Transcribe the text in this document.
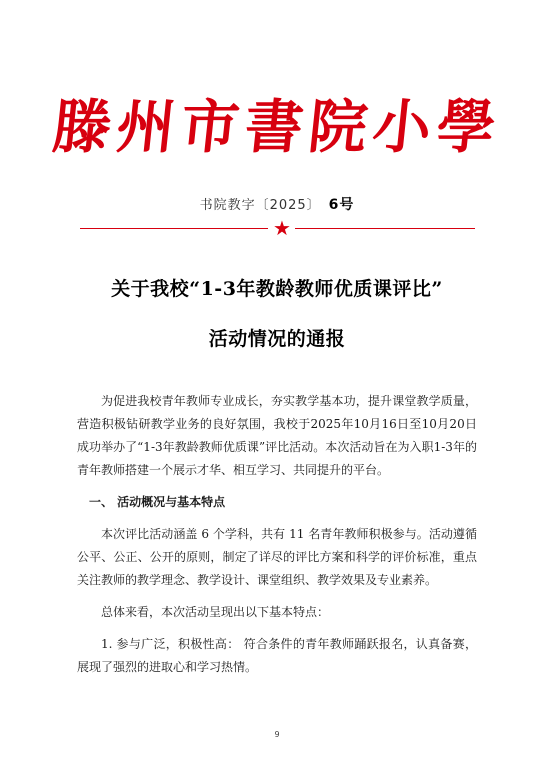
滕州市書院小學
书院教字〔2025〕 6号
★
关于我校“1-3年教龄教师优质课评比”
活动情况的通报

为促进我校青年教师专业成长，夯实教学基本功，提升课堂教学质量，营造积极钻研教学业务的良好氛围，我校于2025年10月16日至10月20日成功举办了“1-3年教龄教师优质课”评比活动。本次活动旨在为入职1-3年的青年教师搭建一个展示才华、相互学习、共同提升的平台。

一、 活动概况与基本特点

本次评比活动涵盖 6 个学科，共有 11 名青年教师积极参与。活动遵循公平、公正、公开的原则，制定了详尽的评比方案和科学的评价标准，重点关注教师的教学理念、教学设计、课堂组织、教学效果及专业素养。

总体来看，本次活动呈现出以下基本特点：

1. 参与广泛，积极性高： 符合条件的青年教师踊跃报名，认真备赛，展现了强烈的进取心和学习热情。

9
